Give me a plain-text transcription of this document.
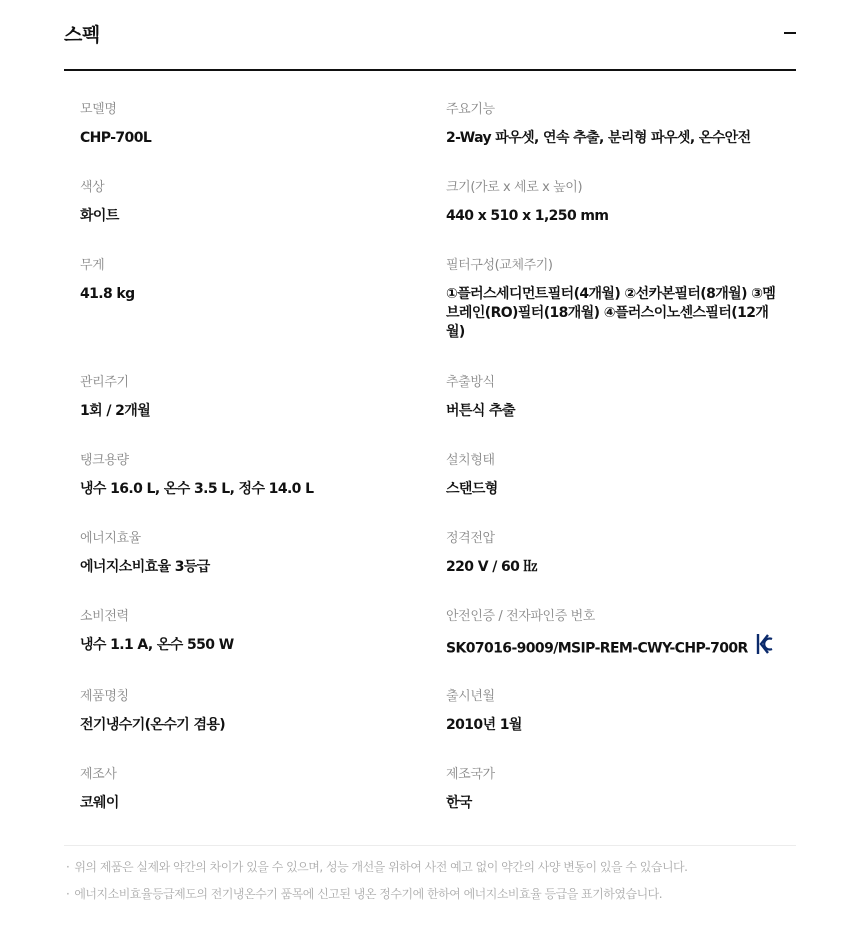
스펙
모델명
CHP-700L
주요기능
2-Way 파우셋, 연속 추출, 분리형 파우셋, 온수안전
색상
화이트
크기(가로 x 세로 x 높이)
440 x 510 x 1,250 mm
무게
41.8 kg
필터구성(교체주기)
①플러스세디먼트필터(4개월) ②선카본필터(8개월) ③멤브레인(RO)필터(18개월) ④플러스이노센스필터(12개월)
관리주기
1회 / 2개월
추출방식
버튼식 추출
탱크용량
냉수 16.0 L, 온수 3.5 L, 정수 14.0 L
설치형태
스탠드형
에너지효율
에너지소비효율 3등급
정격전압
220 V / 60 ㎐
소비전력
냉수 1.1 A, 온수 550 W
안전인증 / 전자파인증 번호
SK07016-9009/MSIP-REM-CWY-CHP-700R
제품명칭
전기냉수기(온수기 겸용)
출시년월
2010년 1월
제조사
코웨이
제조국가
한국
· 위의 제품은 실제와 약간의 차이가 있을 수 있으며, 성능 개선을 위하여 사전 예고 없이 약간의 사양 변동이 있을 수 있습니다.
· 에너지소비효율등급제도의 전기냉온수기 품목에 신고된 냉온 정수기에 한하여 에너지소비효율 등급을 표기하였습니다.
